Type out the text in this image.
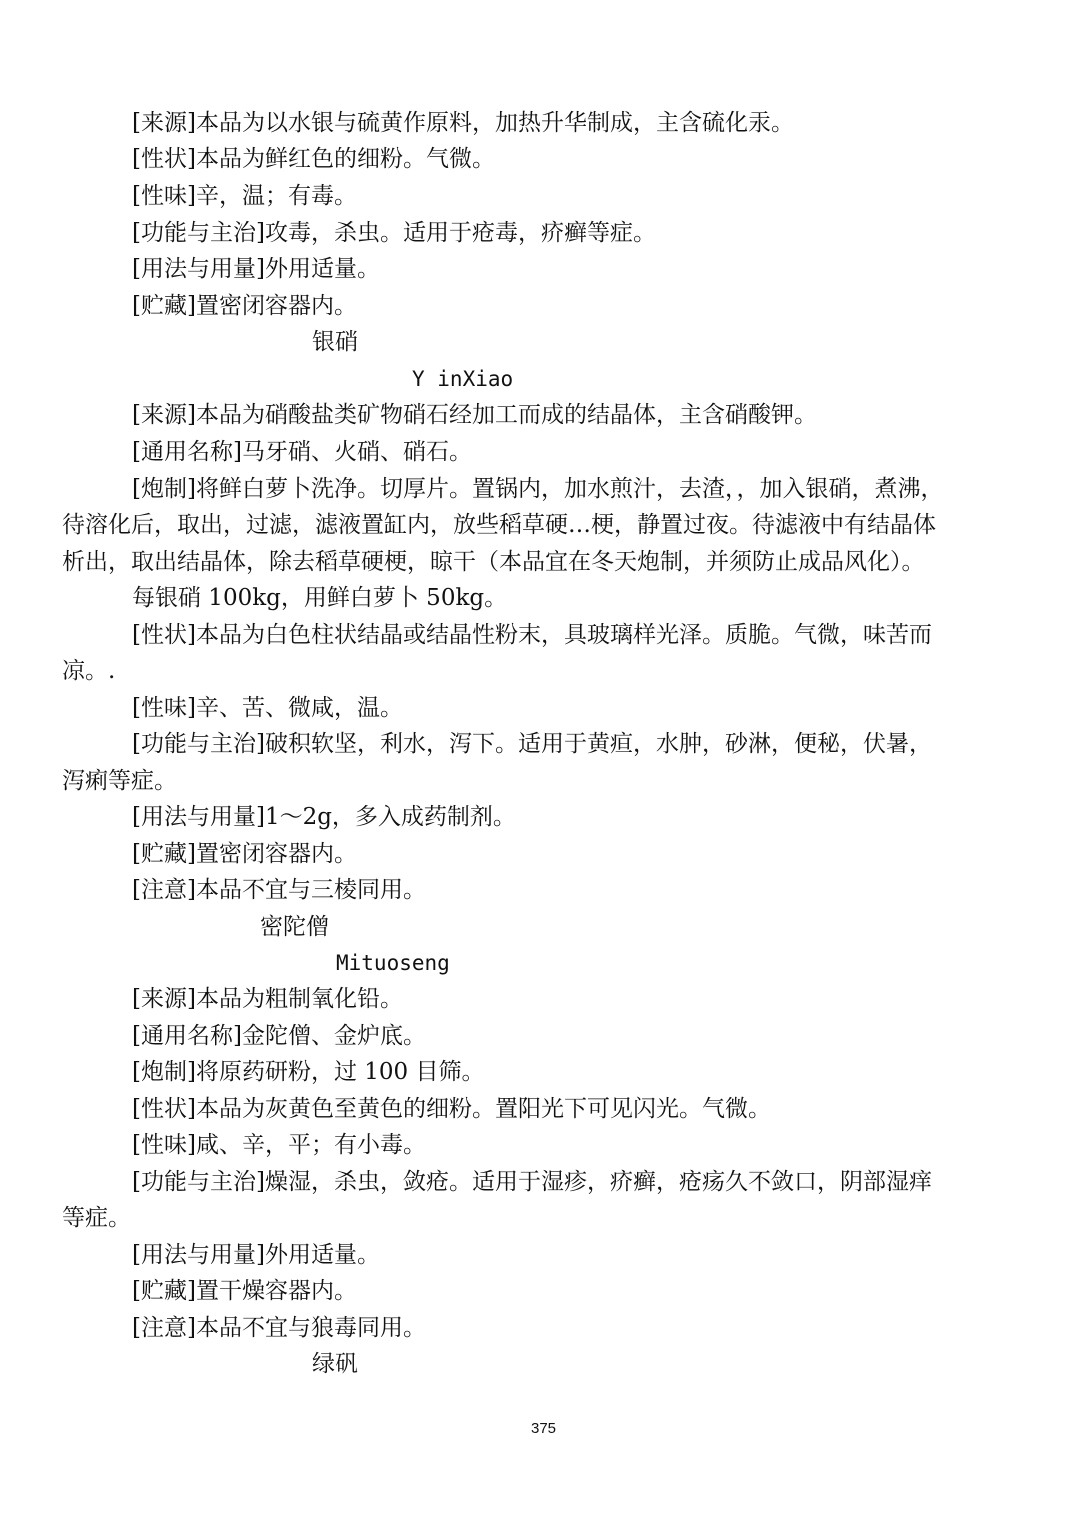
[来源]本品为以水银与硫黄作原料，加热升华制成，主含硫化汞。
[性状]本品为鲜红色的细粉。气微。
[性味]辛，温；有毒。
[功能与主治]攻毒，杀虫。适用于疮毒，疥癣等症。
[用法与用量]外用适量。
[贮藏]置密闭容器内。
银硝
Y inXiao
[来源]本品为硝酸盐类矿物硝石经加工而成的结晶体，主含硝酸钾。
[通用名称]马牙硝、火硝、硝石。
[炮制]将鲜白萝卜洗净。切厚片。置锅内，加水煎汁，去渣，，加入银硝，煮沸，
待溶化后，取出，过滤，滤液置缸内，放些稻草硬…梗，静置过夜。待滤液中有结晶体
析出，取出结晶体，除去稻草硬梗，晾干（本品宜在冬天炮制，并须防止成品风化）。
每银硝 100kg，用鲜白萝卜 50kg。
[性状]本品为白色柱状结晶或结晶性粉末，具玻璃样光泽。质脆。气微，味苦而
凉。.
[性味]辛、苦、微咸，温。
[功能与主治]破积软坚，利水，泻下。适用于黄疸，水肿，砂淋，便秘，伏暑，
泻痢等症。
[用法与用量]1～2g，多入成药制剂。
[贮藏]置密闭容器内。
[注意]本品不宜与三棱同用。
密陀僧
Mituoseng
[来源]本品为粗制氧化铅。
[通用名称]金陀僧、金炉底。
[炮制]将原药研粉，过 100 目筛。
[性状]本品为灰黄色至黄色的细粉。置阳光下可见闪光。气微。
[性味]咸、辛，平；有小毒。
[功能与主治]燥湿，杀虫，敛疮。适用于湿疹，疥癣，疮疡久不敛口，阴部湿痒
等症。
[用法与用量]外用适量。
[贮藏]置干燥容器内。
[注意]本品不宜与狼毒同用。
绿矾
375
